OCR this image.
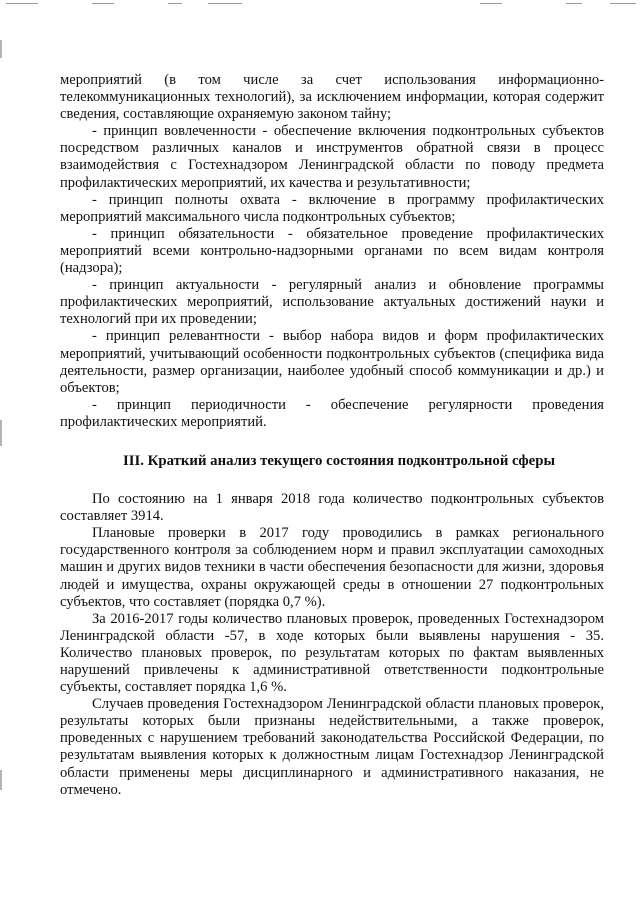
мероприятий (в том числе за счет использования информационно-телекоммуникационных технологий), за исключением информации, которая содержит сведения, составляющие охраняемую законом тайну;

- принцип вовлеченности - обеспечение включения подконтрольных субъектов посредством различных каналов и инструментов обратной связи в процесс взаимодействия с Гостехнадзором Ленинградской области по поводу предмета профилактических мероприятий, их качества и результативности;

- принцип полноты охвата - включение в программу профилактических мероприятий максимального числа подконтрольных субъектов;

- принцип обязательности - обязательное проведение профилактических мероприятий всеми контрольно-надзорными органами по всем видам контроля (надзора);

- принцип актуальности - регулярный анализ и обновление программы профилактических мероприятий, использование актуальных достижений науки и технологий при их проведении;

- принцип релевантности - выбор набора видов и форм профилактических мероприятий, учитывающий особенности подконтрольных субъектов (специфика вида деятельности, размер организации, наиболее удобный способ коммуникации и др.) и объектов;

- принцип периодичности - обеспечение регулярности проведения профилактических мероприятий.

III. Краткий анализ текущего состояния подконтрольной сферы

По состоянию на 1 января 2018 года количество подконтрольных субъектов составляет 3914.

Плановые проверки в 2017 году проводились в рамках регионального государственного контроля за соблюдением норм и правил эксплуатации самоходных машин и других видов техники в части обеспечения безопасности для жизни, здоровья людей и имущества, охраны окружающей среды в отношении 27 подконтрольных субъектов, что составляет (порядка 0,7 %).

За 2016-2017 годы количество плановых проверок, проведенных Гостехнадзором Ленинградской области -57, в ходе которых были выявлены нарушения - 35. Количество плановых проверок, по результатам которых по фактам выявленных нарушений привлечены к административной ответственности подконтрольные субъекты, составляет порядка 1,6 %.

Случаев проведения Гостехнадзором Ленинградской области плановых проверок, результаты которых были признаны недействительными, а также проверок, проведенных с нарушением требований законодательства Российской Федерации, по результатам выявления которых к должностным лицам Гостехнадзор Ленинградской области применены меры дисциплинарного и административного наказания, не отмечено.
